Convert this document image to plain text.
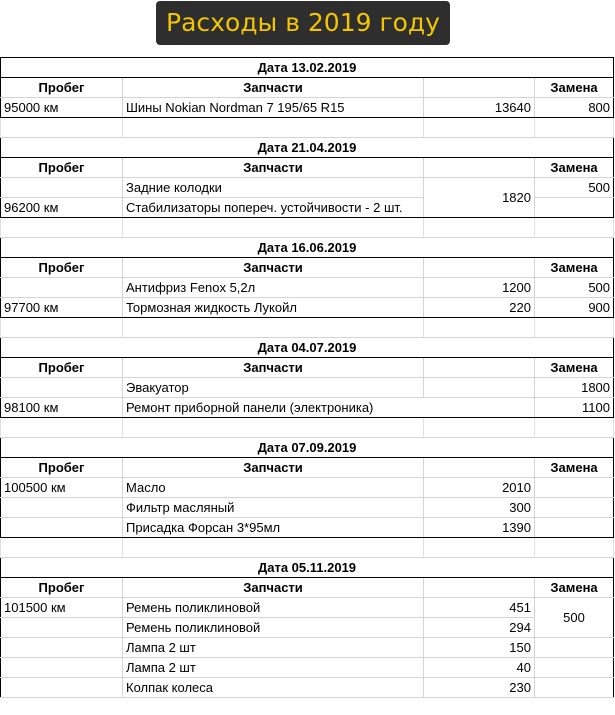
Расходы в 2019 году
Дата 13.02.2019			
Пробег	Запчасти		Замена
95000 км	Шины Nokian Nordman 7 195/65 R15	13640	800

Дата 21.04.2019			
Пробег	Запчасти		Замена
	Задние колодки	1820	500
96200 км	Стабилизаторы попереч. устойчивости - 2 шт.		

Дата 16.06.2019			
Пробег	Запчасти		Замена
	Антифриз Fenox 5,2л	1200	500
97700 км	Тормозная жидкость Лукойл	220	900

Дата 04.07.2019			
Пробег	Запчасти		Замена
	Эвакуатор		1800
98100 км	Ремонт приборной панели (электроника)		1100

Дата 07.09.2019			
Пробег	Запчасти		Замена
100500 км	Масло	2010	
	Фильтр масляный	300	
	Присадка Форсан 3*95мл	1390	

Дата 05.11.2019			
Пробег	Запчасти		Замена
101500 км	Ремень поликлиновой	451	500
	Ремень поликлиновой	294	
	Лампа 2 шт	150	
	Лампа 2 шт	40	
	Колпак колеса	230	
